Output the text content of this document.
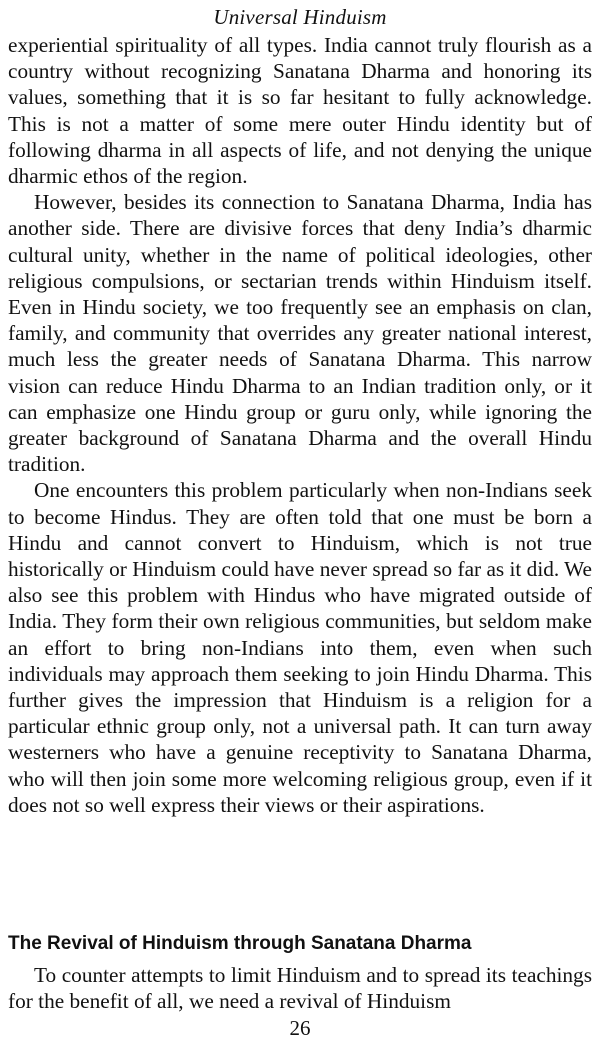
Universal Hinduism

experiential spirituality of all types. India cannot truly flourish as a country without recognizing Sanatana Dharma and honoring its values, something that it is so far hesitant to fully acknowledge. This is not a matter of some mere outer Hindu identity but of following dharma in all aspects of life, and not denying the unique dharmic ethos of the region.

However, besides its connection to Sanatana Dharma, India has another side. There are divisive forces that deny India’s dharmic cultural unity, whether in the name of political ideologies, other religious compulsions, or sectarian trends within Hinduism itself. Even in Hindu society, we too frequently see an emphasis on clan, family, and community that overrides any greater national interest, much less the greater needs of Sanatana Dharma. This narrow vision can reduce Hindu Dharma to an Indian tradition only, or it can emphasize one Hindu group or guru only, while ignoring the greater background of Sanatana Dharma and the overall Hindu tradition.

One encounters this problem particularly when non-Indians seek to become Hindus. They are often told that one must be born a Hindu and cannot convert to Hinduism, which is not true historically or Hinduism could have never spread so far as it did. We also see this problem with Hindus who have migrated outside of India. They form their own religious communities, but seldom make an effort to bring non-Indians into them, even when such individuals may approach them seeking to join Hindu Dharma. This further gives the impression that Hinduism is a religion for a particular ethnic group only, not a universal path. It can turn away westerners who have a genuine receptivity to Sanatana Dharma, who will then join some more welcoming religious group, even if it does not so well express their views or their aspirations.

The Revival of Hinduism through Sanatana Dharma
To counter attempts to limit Hinduism and to spread its teachings for the benefit of all, we need a revival of Hinduism
26
